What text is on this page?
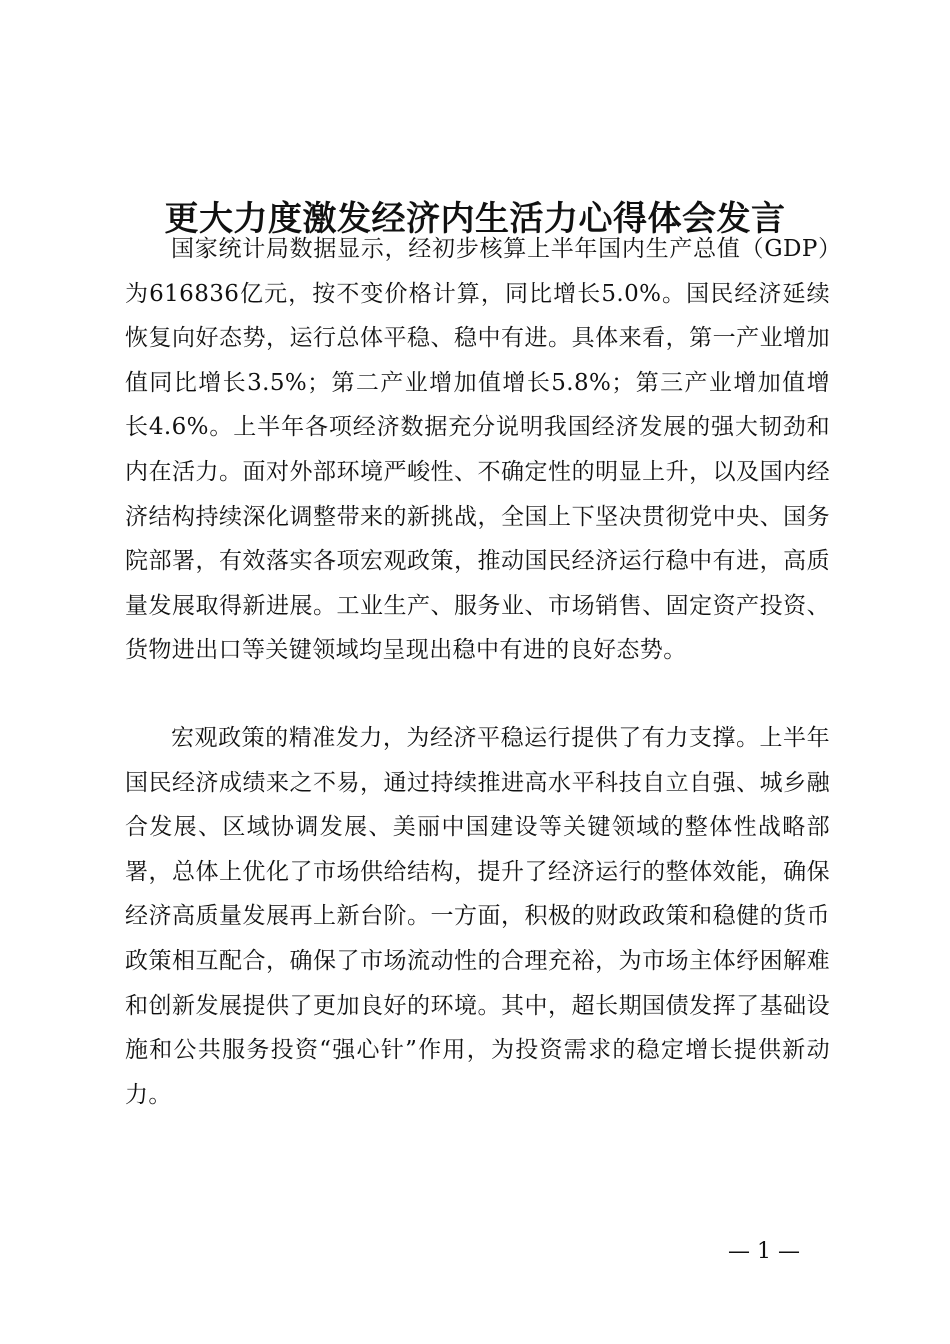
更大力度激发经济内生活力心得体会发言

国家统计局数据显示，经初步核算上半年国内生产总值（GDP）为616836亿元，按不变价格计算，同比增长5.0%。国民经济延续恢复向好态势，运行总体平稳、稳中有进。具体来看，第一产业增加值同比增长3.5%；第二产业增加值增长5.8%；第三产业增加值增长4.6%。上半年各项经济数据充分说明我国经济发展的强大韧劲和内在活力。面对外部环境严峻性、不确定性的明显上升，以及国内经济结构持续深化调整带来的新挑战，全国上下坚决贯彻党中央、国务院部署，有效落实各项宏观政策，推动国民经济运行稳中有进，高质量发展取得新进展。工业生产、服务业、市场销售、固定资产投资、货物进出口等关键领域均呈现出稳中有进的良好态势。

宏观政策的精准发力，为经济平稳运行提供了有力支撑。上半年国民经济成绩来之不易，通过持续推进高水平科技自立自强、城乡融合发展、区域协调发展、美丽中国建设等关键领域的整体性战略部署，总体上优化了市场供给结构，提升了经济运行的整体效能，确保经济高质量发展再上新台阶。一方面，积极的财政政策和稳健的货币政策相互配合，确保了市场流动性的合理充裕，为市场主体纾困解难和创新发展提供了更加良好的环境。其中，超长期国债发挥了基础设施和公共服务投资“强心针”作用，为投资需求的稳定增长提供新动力。

— 1 —
